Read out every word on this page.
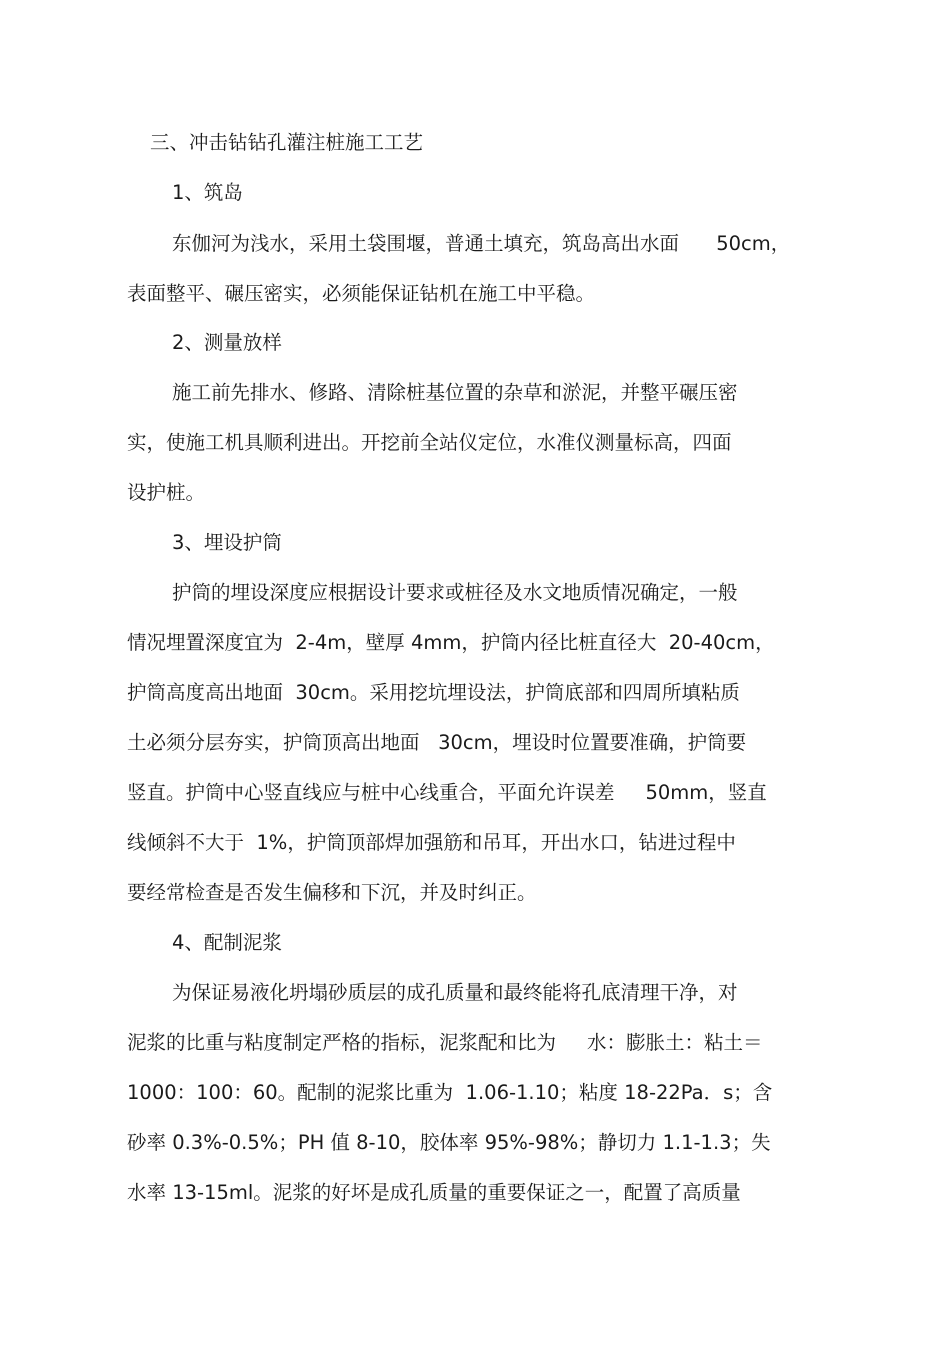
三、冲击钻钻孔灌注桩施工工艺
1、筑岛
东伽河为浅水，采用土袋围堰，普通土填充，筑岛高出水面      50cm，
表面整平、碾压密实，必须能保证钻机在施工中平稳。
2、测量放样
施工前先排水、修路、清除桩基位置的杂草和淤泥，并整平碾压密
实，使施工机具顺利进出。开挖前全站仪定位，水准仪测量标高，四面
设护桩。
3、埋设护筒
护筒的埋设深度应根据设计要求或桩径及水文地质情况确定，一般
情况埋置深度宜为  2-4m，壁厚 4mm，护筒内径比桩直径大  20-40cm，
护筒高度高出地面  30cm。采用挖坑埋设法，护筒底部和四周所填粘质
土必须分层夯实，护筒顶高出地面   30cm，埋设时位置要准确，护筒要
竖直。护筒中心竖直线应与桩中心线重合，平面允许误差     50mm，竖直
线倾斜不大于  1%，护筒顶部焊加强筋和吊耳，开出水口，钻进过程中
要经常检查是否发生偏移和下沉，并及时纠正。
4、配制泥浆
为保证易液化坍塌砂质层的成孔质量和最终能将孔底清理干净，对
泥浆的比重与粘度制定严格的指标，泥浆配和比为     水：膨胀土：粘土＝
1000：100：60。配制的泥浆比重为  1.06-1.10；粘度 18-22Pa．s；含
砂率 0.3%-0.5%；PH 值 8-10，胶体率 95%-98%；静切力 1.1-1.3；失
水率 13-15ml。泥浆的好坏是成孔质量的重要保证之一，配置了高质量
